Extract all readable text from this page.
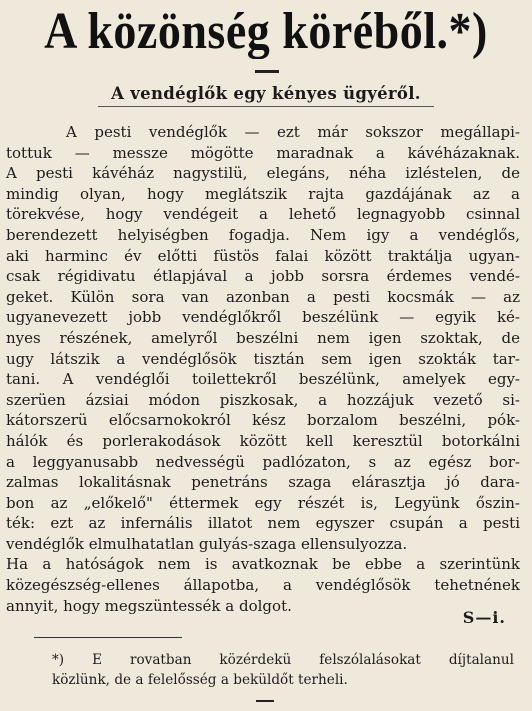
A közönség köréből.*)
A vendéglők egy kényes ügyéről.
A pesti vendéglők — ezt már sokszor megállapi-
tottuk — messze mögötte maradnak a kávéházaknak.
A pesti kávéház nagystilü, elegáns, néha izléstelen, de
mindig olyan, hogy meglátszik rajta gazdájának az a
törekvése, hogy vendégeit a lehető legnagyobb csinnal
berendezett helyiségben fogadja. Nem igy a vendéglős,
aki harminc év előtti füstös falai között traktálja ugyan-
csak régidivatu étlapjával a jobb sorsra érdemes vendé-
geket. Külön sora van azonban a pesti kocsmák — az
ugyanevezett jobb vendéglőkről beszélünk — egyik ké-
nyes részének, amelyről beszélni nem igen szoktak, de
ugy látszik a vendéglősök tisztán sem igen szokták tar-
tani. A vendéglői toilettekről beszélünk, amelyek egy-
szerüen ázsiai módon piszkosak, a hozzájuk vezető si-
kátorszerü előcsarnokokról kész borzalom beszélni, pók-
hálók és porlerakodások között kell keresztül botorkálni
a leggyanusabb nedvességü padlózaton, s az egész bor-
zalmas lokalitásnak penetráns szaga elárasztja jó dara-
bon az „előkelő" éttermek egy részét is, Legyünk őszin-
ték: ezt az infernális illatot nem egyszer csupán a pesti
vendéglők elmulhatatlan gulyás-szaga ellensulyozza.
Ha a hatóságok nem is avatkoznak be ebbe a szerintünk
közegészség-ellenes állapotba, a vendéglősök tehetnének
annyit, hogy megszüntessék a dolgot.
S—i.
*) E rovatban közérdekü felszólalásokat díjtalanul
közlünk, de a felelősség a beküldőt terheli.
